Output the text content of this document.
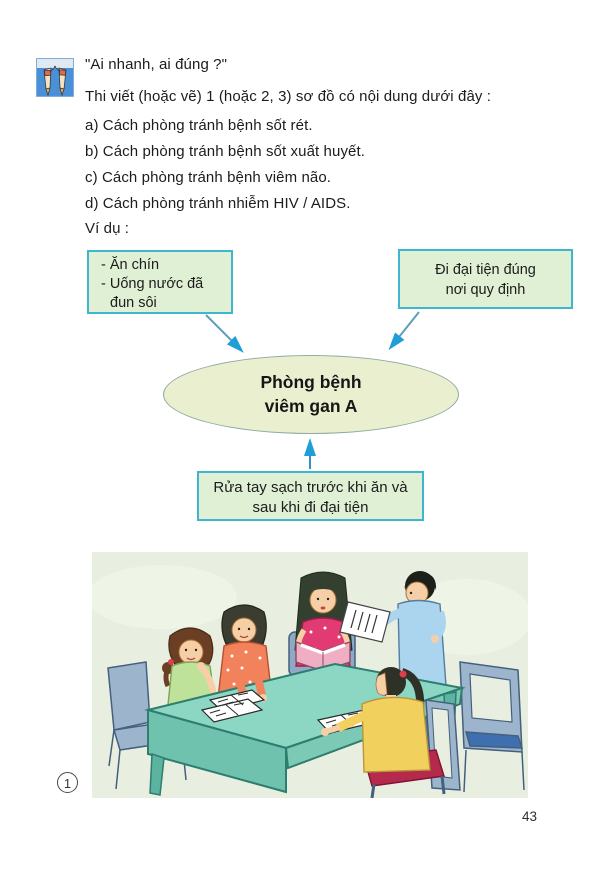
"Ai nhanh, ai đúng ?"
Thi viết (hoặc vẽ) 1 (hoặc 2, 3) sơ đồ có nội dung dưới đây :
a) Cách phòng tránh bệnh sốt rét.
b) Cách phòng tránh bệnh sốt xuất huyết.
c) Cách phòng tránh bệnh viêm não.
d) Cách phòng tránh nhiễm HIV / AIDS.
Ví dụ :
- Ăn chín
- Uống nước đã
đun sôi
Đi đại tiện đúng
nơi quy định
Phòng bệnh
viêm gan A
Rửa tay sạch trước khi ăn và
sau khi đi đại tiện
1
43
